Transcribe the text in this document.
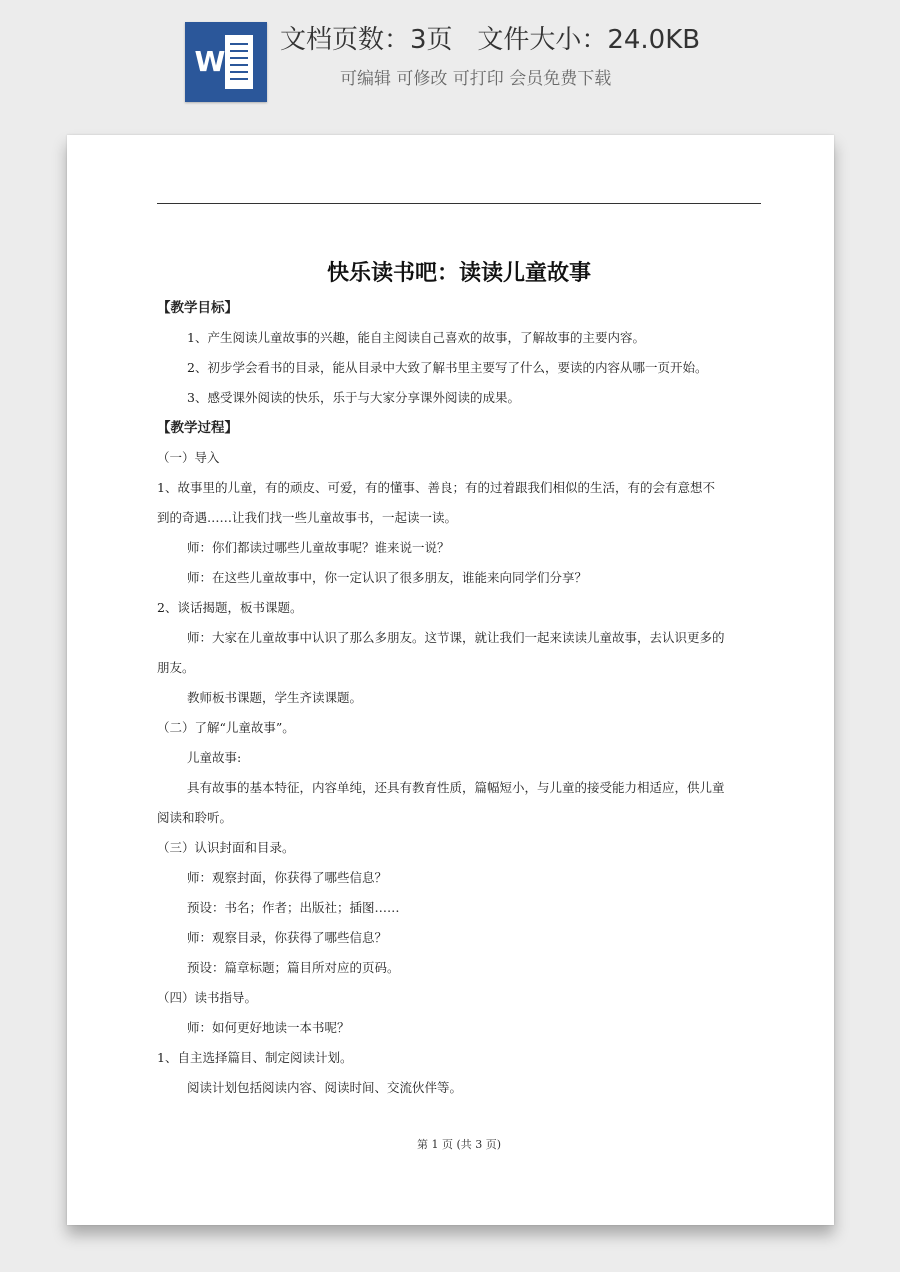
W
文档页数：3页   文件大小：24.0KB
可编辑 可修改 可打印 会员免费下载
快乐读书吧：读读儿童故事
【教学目标】
1、产生阅读儿童故事的兴趣，能自主阅读自己喜欢的故事，了解故事的主要内容。
2、初步学会看书的目录，能从目录中大致了解书里主要写了什么，要读的内容从哪一页开始。
3、感受课外阅读的快乐，乐于与大家分享课外阅读的成果。
【教学过程】
（一）导入
1、故事里的儿童，有的顽皮、可爱，有的懂事、善良；有的过着跟我们相似的生活，有的会有意想不
到的奇遇……让我们找一些儿童故事书，一起读一读。
师：你们都读过哪些儿童故事呢？谁来说一说？
师：在这些儿童故事中，你一定认识了很多朋友，谁能来向同学们分享？
2、谈话揭题，板书课题。
师：大家在儿童故事中认识了那么多朋友。这节课，就让我们一起来读读儿童故事，去认识更多的
朋友。
教师板书课题，学生齐读课题。
（二）了解“儿童故事”。
儿童故事:
具有故事的基本特征，内容单纯，还具有教育性质，篇幅短小，与儿童的接受能力相适应，供儿童
阅读和聆听。
（三）认识封面和目录。
师：观察封面，你获得了哪些信息？
预设：书名；作者；出版社；插图……
师：观察目录，你获得了哪些信息？
预设：篇章标题；篇目所对应的页码。
（四）读书指导。
师：如何更好地读一本书呢？
1、自主选择篇目、制定阅读计划。
阅读计划包括阅读内容、阅读时间、交流伙伴等。
第 1 页 (共 3 页)
